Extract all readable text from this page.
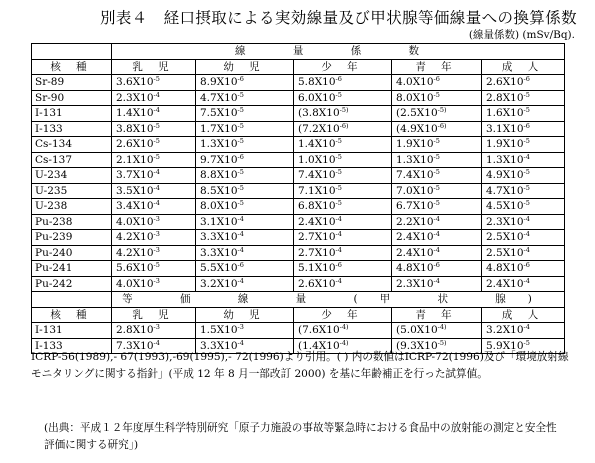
別表４　経口摂取による実効線量及び甲状腺等価線量への換算係数
(線量係数) (mSv/Bq).
	線 量 係 数				
核 種	乳 児	幼 児	少 年	青 年	成 人
Sr-89	$3.6X10^{-5}$	$8.9X10^{-6}$	$5.8X10^{-6}$	$4.0X10^{-6}$	$2.6X10^{-6}$
Sr-90	$2.3X10^{-4}$	$4.7X10^{-5}$	$6.0X10^{-5}$	$8.0X10^{-5}$	$2.8X10^{-5}$
I-131	$1.4X10^{-4}$	$7.5X10^{-5}$	($3.8X10^{-5)}$	($2.5X10^{-5)}$	$1.6X10^{-5}$
I-133	$3.8X10^{-5}$	$1.7X10^{-5}$	($7.2X10^{-6)}$	($4.9X10^{-6)}$	$3.1X10^{-6}$
Cs-134	$2.6X10^{-5}$	$1.3X10^{-5}$	$1.4X10^{-5}$	$1.9X10^{-5}$	$1.9X10^{-5}$
Cs-137	$2.1X10^{-5}$	$9.7X10^{-6}$	$1.0X10^{-5}$	$1.3X10^{-5}$	$1.3X10^{-4}$
U-234	$3.7X10^{-4}$	$8.8X10^{-5}$	$7.4X10^{-5}$	$7.4X10^{-5}$	$4.9X10^{-5}$
U-235	$3.5X10^{-4}$	$8.5X10^{-5}$	$7.1X10^{-5}$	$7.0X10^{-5}$	$4.7X10^{-5}$
U-238	$3.4X10^{-4}$	$8.0X10^{-5}$	$6.8X10^{-5}$	$6.7X10^{-5}$	$4.5X10^{-5}$
Pu-238	$4.0X10^{-3}$	$3.1X10^{-4}$	$2.4X10^{-4}$	$2.2X10^{-4}$	$2.3X10^{-4}$
Pu-239	$4.2X10^{-3}$	$3.3X10^{-4}$	$2.7X10^{-4}$	$2.4X10^{-4}$	$2.5X10^{-4}$
Pu-240	$4.2X10^{-3}$	$3.3X10^{-4}$	$2.7X10^{-4}$	$2.4X10^{-4}$	$2.5X10^{-4}$
Pu-241	$5.6X10^{-5}$	$5.5X10^{-6}$	$5.1X10^{-6}$	$4.8X10^{-6}$	$4.8X10^{-6}$
Pu-242	$4.0X10^{-3}$	$3.2X10^{-4}$	$2.6X10^{-4}$	$2.3X10^{-4}$	$2.4X10^{-4}$
	等 価 線 量 (甲 状 腺)				
核 種	乳 児	幼 児	少 年	青 年	成 人
I-131	$2.8X10^{-3}$	$1.5X10^{-3}$	($7.6X10^{-4)}$	($5.0X10^{-4)}$	$3.2X10^{-4}$
I-133	$7.3X10^{-4}$	$3.3X10^{-4}$	($1.4X10^{-4)}$	($9.3X10^{-5)}$	$5.9X10^{-5}$
ICRP-56(1989),- 67(1993),-69(1995),- 72(1996)より引用。( ) 内の数値はICRP-72(1996)及び「環境放射線モニタリングに関する指針」(平成 12 年 8 月一部改訂 2000) を基に年齢補正を行った試算値。
(出典：平成１２年度厚生科学特別研究「原子力施設の事故等緊急時における食品中の放射能の測定と安全性評価に関する研究」)
